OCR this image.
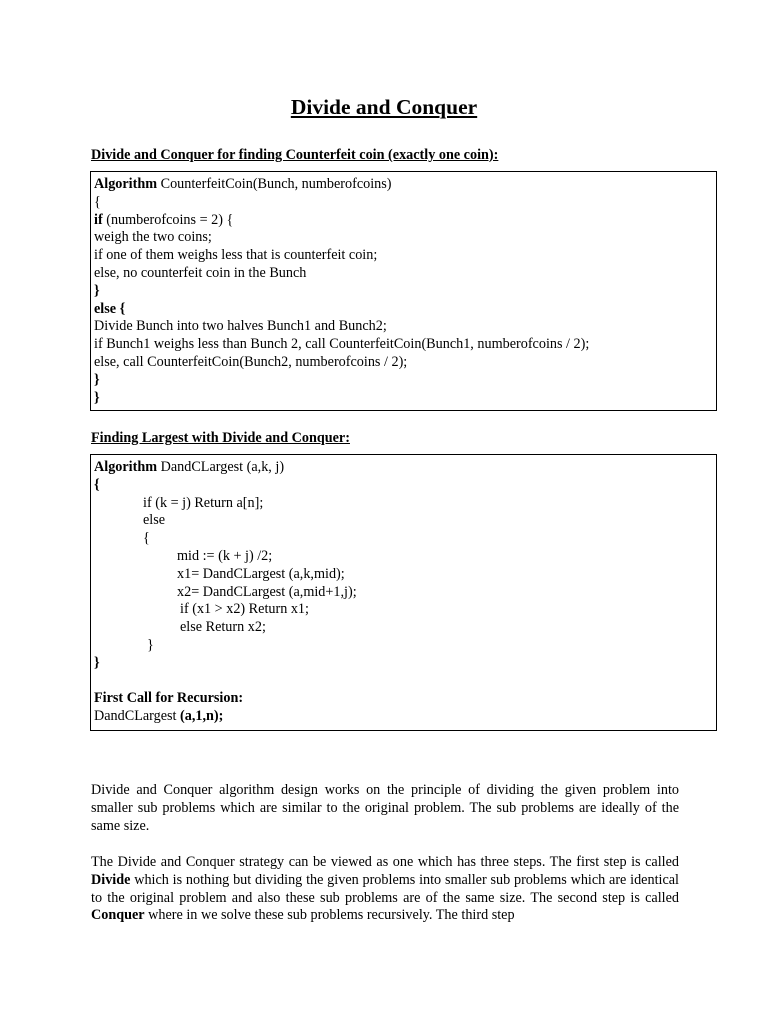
Divide and Conquer
Divide and Conquer for finding Counterfeit coin (exactly one coin):
Algorithm CounterfeitCoin(Bunch, numberofcoins)
{
if (numberofcoins = 2) {
weigh the two coins;
if one of them weighs less that is counterfeit coin;
else, no counterfeit coin in the Bunch
}
else {
Divide Bunch into two halves Bunch1 and Bunch2;
if Bunch1 weighs less than Bunch 2, call CounterfeitCoin(Bunch1, numberofcoins / 2);
else, call CounterfeitCoin(Bunch2, numberofcoins / 2);
}
}
Finding Largest with Divide and Conquer:
Algorithm DandCLargest (a,k, j)
{
if (k = j) Return a[n];
else
{
mid := (k + j) /2;
x1= DandCLargest (a,k,mid);
x2= DandCLargest (a,mid+1,j);
if (x1 > x2) Return x1;
else Return x2;
}
}
First Call for Recursion:
DandCLargest (a,1,n);
Divide and Conquer algorithm design works on the principle of dividing the given problem into smaller sub problems which are similar to the original problem. The sub problems are ideally of the same size.
The Divide and Conquer strategy can be viewed as one which has three steps. The first step is called Divide which is nothing but dividing the given problems into smaller sub problems which are identical to the original problem and also these sub problems are of the same size. The second step is called Conquer where in we solve these sub problems recursively. The third step
